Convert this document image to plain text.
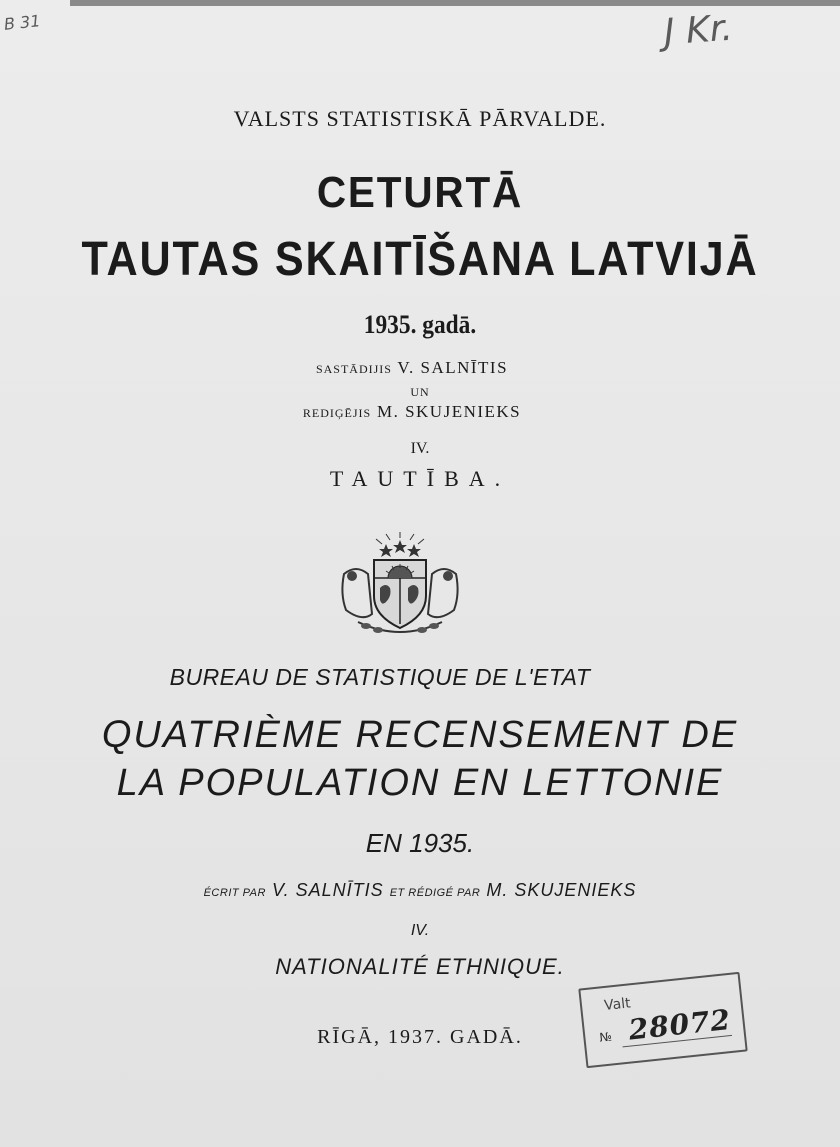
B 31	J Kr.
VALSTS STATISTISKĀ PĀRVALDE.
CETURTĀ
TAUTAS SKAITĪŠANA LATVIJĀ
1935. gadā.
SASTĀDIJIS V. SALNĪTIS
UN
REDIĢĒJIS M. SKUJENIEKS
IV.
TAUTĪBA.
BUREAU DE STATISTIQUE DE L'ETAT
QUATRIÈME RECENSEMENT DE
LA POPULATION EN LETTONIE
EN 1935.
ÉCRIT PAR V. SALNĪTIS ET RÉDIGÉ PAR M. SKUJENIEKS
IV.
NATIONALITÉ ETHNIQUE.
RĪGĀ, 1937. GADĀ.
Valt
№ 28072
